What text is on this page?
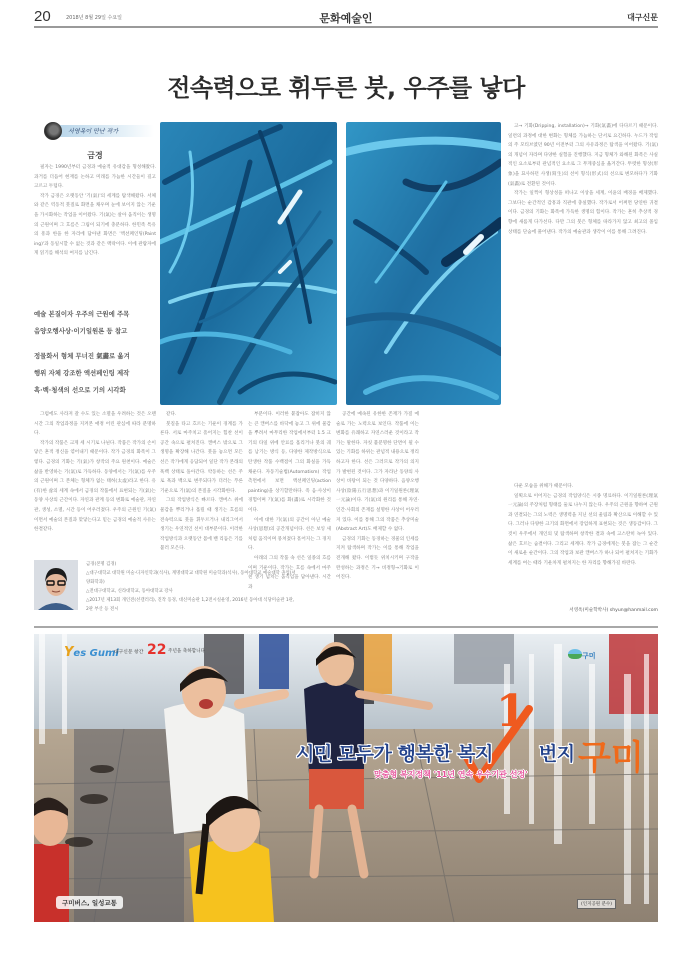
20	2018년 8월 29일 수요일	문화예술인	대구신문
전속력으로 휘두른 붓, 우주를 낳다
서영옥이 만난 작가
금경

필자는 1990년부터 금경과 예술적 유대감을 형성해왔다. 과거를 더듬어 현재를 논하고 미래를 가늠한 시간들이 길고 고르고 두텁다.

작가 금경은 오랫동안 '기(氣)'의 세계를 탐색해왔다. 서체와 같은 역동적 붓질로 화면을 채우며 눈에 보이지 않는 기운을 가시화하는 작업을 이어왔다. 기(氣)는 살아 움직이는 생명의 근원이며 그 흐름은 그림이 되기에 충분하다. 한민족 특유의 흥과 한을 한 자리에 담아낸 화면은 '액션페인팅(Paint ing)'과 동일시할 수 없는 것과 같은 맥락이다. 이에 관람자에게 읽기를 해석의 여지를 남긴다.

예술 본질이자 우주의 근원에 주목
음양오행사상·이기일원론 등 참고
정물화서 형체 무너진 氣畵로 옮겨
행위 자체 강조한 액션페인팅 제작
흑·백·청색의 선으로 기의 시각화

그럼에도 사라져 갈 수도 있는 소멸을 우려하는 것은 오랜 시간 그의 작업과정을 지켜본 애정 어린 관심에 따라 분명하다.

작가의 작품은 크게 세 시기로 나뉜다. 작품은 작가의 손이 닿은 흔적 정신을 엮어내기 때문이다. 작가 금경의 화폭이 그렇다. 금경의 기화는 기(氣)가 창작의 주요 원천이다. 예술은 삶을 반영하는 기(氣)로 가득하다. 동양에서는 기(氣)를 우주의 근원이며 그 본체는 형체가 없는 태허(太虛)라고 한다. 유(有)한 삶의 세계 속에서 금경의 작품에서 표현되는 기(氣)는 동양 사상의 근간이다. 자연과 관계 등의 변화로 예술관, 자연관, 생성, 소멸, 시간 등이 어우러졌다. 우주의 근원인 기(氣)이면서 예술의 본질과 맞닿는다고 믿는 금경의 예술적 사유는 한결같다.

같다.

붓질을 타고 흐르는 기운이 경계를 가른다. 서로 마주치고 흩어지는 힘찬 선이 공간 속으로 펼쳐진다. 캔버스 밖으로 그 생명을 확장해 나간다. 붓을 놓으면 모든 선은 작가에게 응답되어 일단 작가 본래의 흑백 상태로 돌아간다. 약동하는 선은 주로 흑과 백으로 변주되다가 더러는 푸른 기운으로 기(氣)의 본질을 시각화한다.

그의 작업방식은 빠르다. 캔버스 위에 물감을 뿌리거나 흘릴 때 생기는 흐름의 전속력으로 붓을 휘두르거나 내리그어서 생기는 우연적인 선이 대부분이다. 이러한 작업방식과 오랫동안 몸에 밴 리듬은 기를 불러 모은다.

부분이다. 이러한 붙잡아도 잡히지 않는 큰 캔버스를 바닥에 놓고 그 위에 물감을 뿌려서 마무리한 작업에서부터 1.5 크기의 타일 위에 안료를 흘리거나 붓의 궤를 남기는 방식 등, 다양한 제작방식으로 탄생한 작품 수백점이 그의 화실을 가득 채운다. 자동기술법(Automatism) 작업 측면에서 보면 액션페인팅(action painting)을 상기할만하다. 즉 음·사상이 경험이며 기(氣)를 화(畵)로 시각화한 것이다.

이에 대한 기(氣)의 공간이 아닌 예술사상(思想)의 공간개념이다. 선은 보잉 새처럼 움직이며 뭉쳐졌다 흩어지는 그 경지다.

아래의 그의 작품 속 선은 일종의 흐름이며 기운이다. 작가는 흐름 속에서 마주친 생기 넘치는 움직임을 담아낸다. 시간과

공간에 예속된 유한한 존재가 가질 예술로 가는 노력으로 보인다. 작품에 이는 변화를 유쾌하고 자연스러운 것이라고 작가는 말한다. 자칫 불분명한 단면이 될 수 있는 기화를 하위는 관념적 내용으로 정리하고자 한다. 선은 그러므로 작가의 의지가 발현된 것이다. 그가 자라난 동양의 사상이 바탕이 되는 것 다양하다. 음양오행사상(陰陽五行思想)과 이기일원론(理氣一元論)이다. 기(氣)의 원리를 통해 자연·인간·사회의 존재를 설명한 사상이 어우러져 있다. 이를 통해 그의 작품은 추상미술(Abstract Art)도 배제할 수 없다.

금경의 기화는 동경하는 경물의 인세를 지켜 탐색하며 작가는 이를 통해 작업을 전개해 왔다. 이렇듯 위치시키며 구작을 완성하는 과정은 기→ 비정형→기화로 이어진다.

고→ 기화(Dripping, installation)→ 기화(氣畵)에 다다르기 때문이다. 일련의 과정에 대한 변화는 형체를 가늠하는 단서로 요긴하다. 누드가 작업의 주 모티브였던 90년 이전부터 그의 사유과정은 탐색을 이어왔다. 기(氣)의 개념이 자라며 다양한 실험을 진행했다. 지금 형체가 와해된 화폭은 사실적인 요소로부터 관념적인 요소로 그 무게중심을 옮겨간다. 뚜렷한 형상(形象)을 묘사하던 사생(寫生)의 선이 형식(形式)의 선으로 변모하다가 기화(氣畵)로 전환된 것이다.

작가는 일찍이 형상성을 떠나고 이상을 세계, 이윤의 배경을 배제했다. 그보다는 순간적인 감흥과 직관에 충실했다. 작가로서 어쩌면 당연한 귀결이다. 금경의 기화는 화폭에 가득한 생명의 힘이다. 작가는 흔히 추상적 경향에 새롭게 다가선다. 다만 그의 붓은 형체를 따라가지 않고 최고의 몰입 상태를 단숨에 풀어낸다. 작가의 예술관과 생각이 이를 통해 그려진다.

다운 모습을 위해가 때문이다.

일획으로 이어지는 금경의 작업양식은 시종 명료하다. 이기일원론(理氣一元論)의 주장처럼 형태를 둘로 나누지 않는다. 우주의 근원을 향하여 근원과 연결되는 그의 노력은 생명력을 지닌 선의 울림과 확산으로 이해할 수 있다. 그러나 다양한 크기의 화면에서 장엄하게 표현되는 것은 생동감이다. 그것이 우주에서 개인의 및 탐색하며 창작한 결과 속에 고스란히 녹아 있다. 삶은 흐르는 숨결이다. 그리고 세계다. 작가 금경에게는 붓을 잡는 그 순간이 새로운 순간이다. 그의 작업과 보관 캔버스가 하나 되어 펼쳐지는 기화가 세계를 여는 때라 기운차게 펼쳐지는 한 자리를 향해가길 바란다.

서영옥(미술학박사) shyun@hanmail.com
금경(본명 김경)
△대구대학교 대학원 미술·디자인학과(석사), 계명대학교 대학원 미술학과(석사), 동아대학교 예술대학 졸업(서양화학과)
△전대구대학교, 신라대학교, 동아대학교 강사
△2017년 제13회 개인전(선갤러리), 진작 동경, 대신미술관 1,2전시실운영, 2016년 동아대 석당미술관 1관, 2관 부산 등 전시
Yes Gumi
대구신문 창간 22 주년을 축하합니다
구미
1
시민 모두가 행복한 복지 번지 구미
맞춤형 복지정책 '11년 연속 우수기관 선정'
구미버스, 일성교통	(인지공원 분수)
